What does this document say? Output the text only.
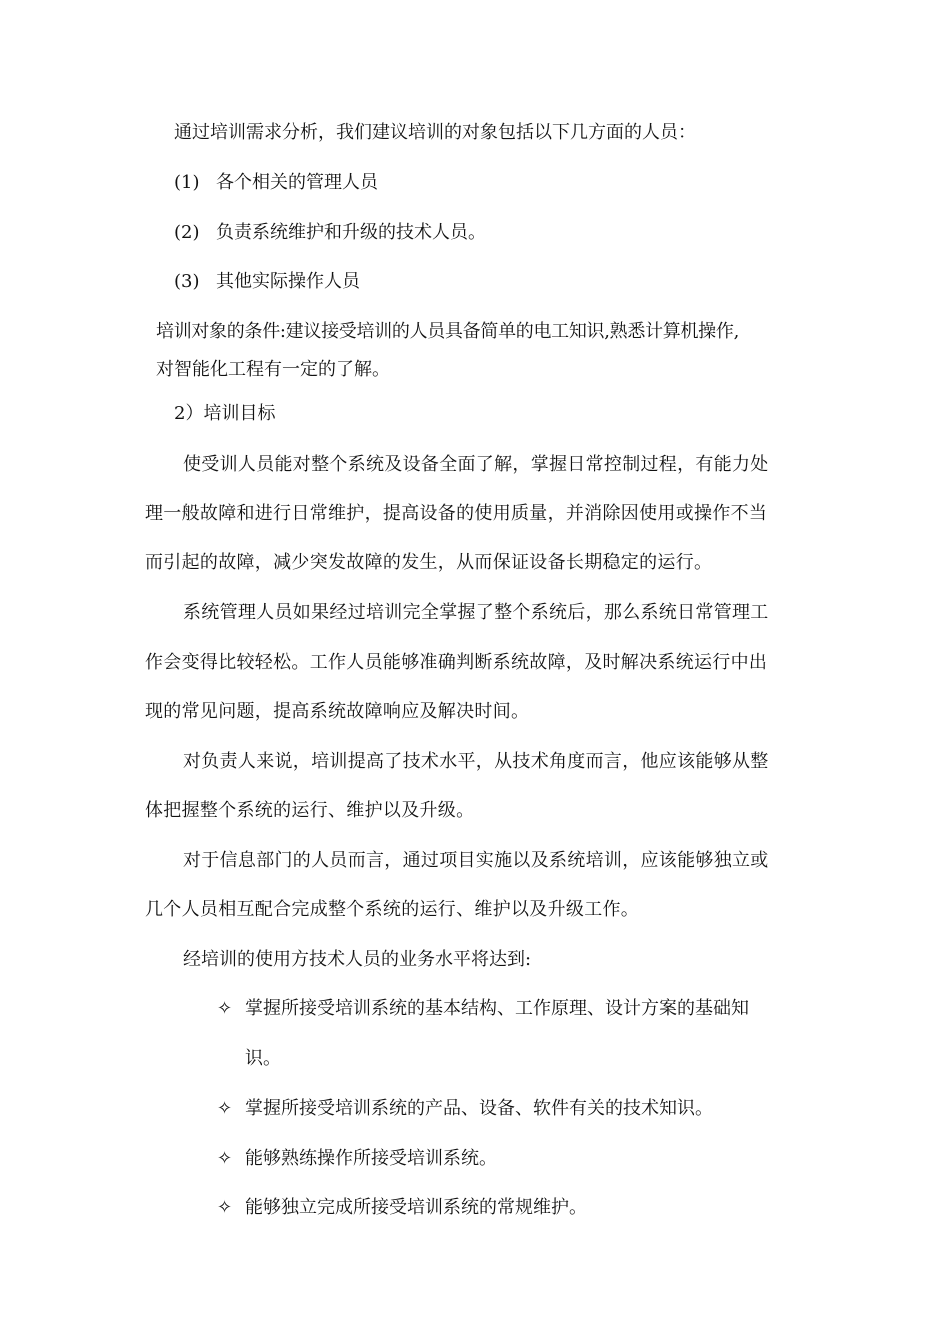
通过培训需求分析，我们建议培训的对象包括以下几方面的人员：
(1) 各个相关的管理人员
(2) 负责系统维护和升级的技术人员。
(3) 其他实际操作人员
培训对象的条件:建议接受培训的人员具备简单的电工知识,熟悉计算机操作,
对智能化工程有一定的了解。
2）培训目标
使受训人员能对整个系统及设备全面了解，掌握日常控制过程，有能力处
理一般故障和进行日常维护，提高设备的使用质量，并消除因使用或操作不当
而引起的故障，减少突发故障的发生，从而保证设备长期稳定的运行。
系统管理人员如果经过培训完全掌握了整个系统后，那么系统日常管理工
作会变得比较轻松。工作人员能够准确判断系统故障，及时解决系统运行中出
现的常见问题，提高系统故障响应及解决时间。
对负责人来说，培训提高了技术水平，从技术角度而言，他应该能够从整
体把握整个系统的运行、维护以及升级。
对于信息部门的人员而言，通过项目实施以及系统培训，应该能够独立或
几个人员相互配合完成整个系统的运行、维护以及升级工作。
经培训的使用方技术人员的业务水平将达到:
✧ 掌握所接受培训系统的基本结构、工作原理、设计方案的基础知
识。
✧ 掌握所接受培训系统的产品、设备、软件有关的技术知识。
✧ 能够熟练操作所接受培训系统。
✧ 能够独立完成所接受培训系统的常规维护。
